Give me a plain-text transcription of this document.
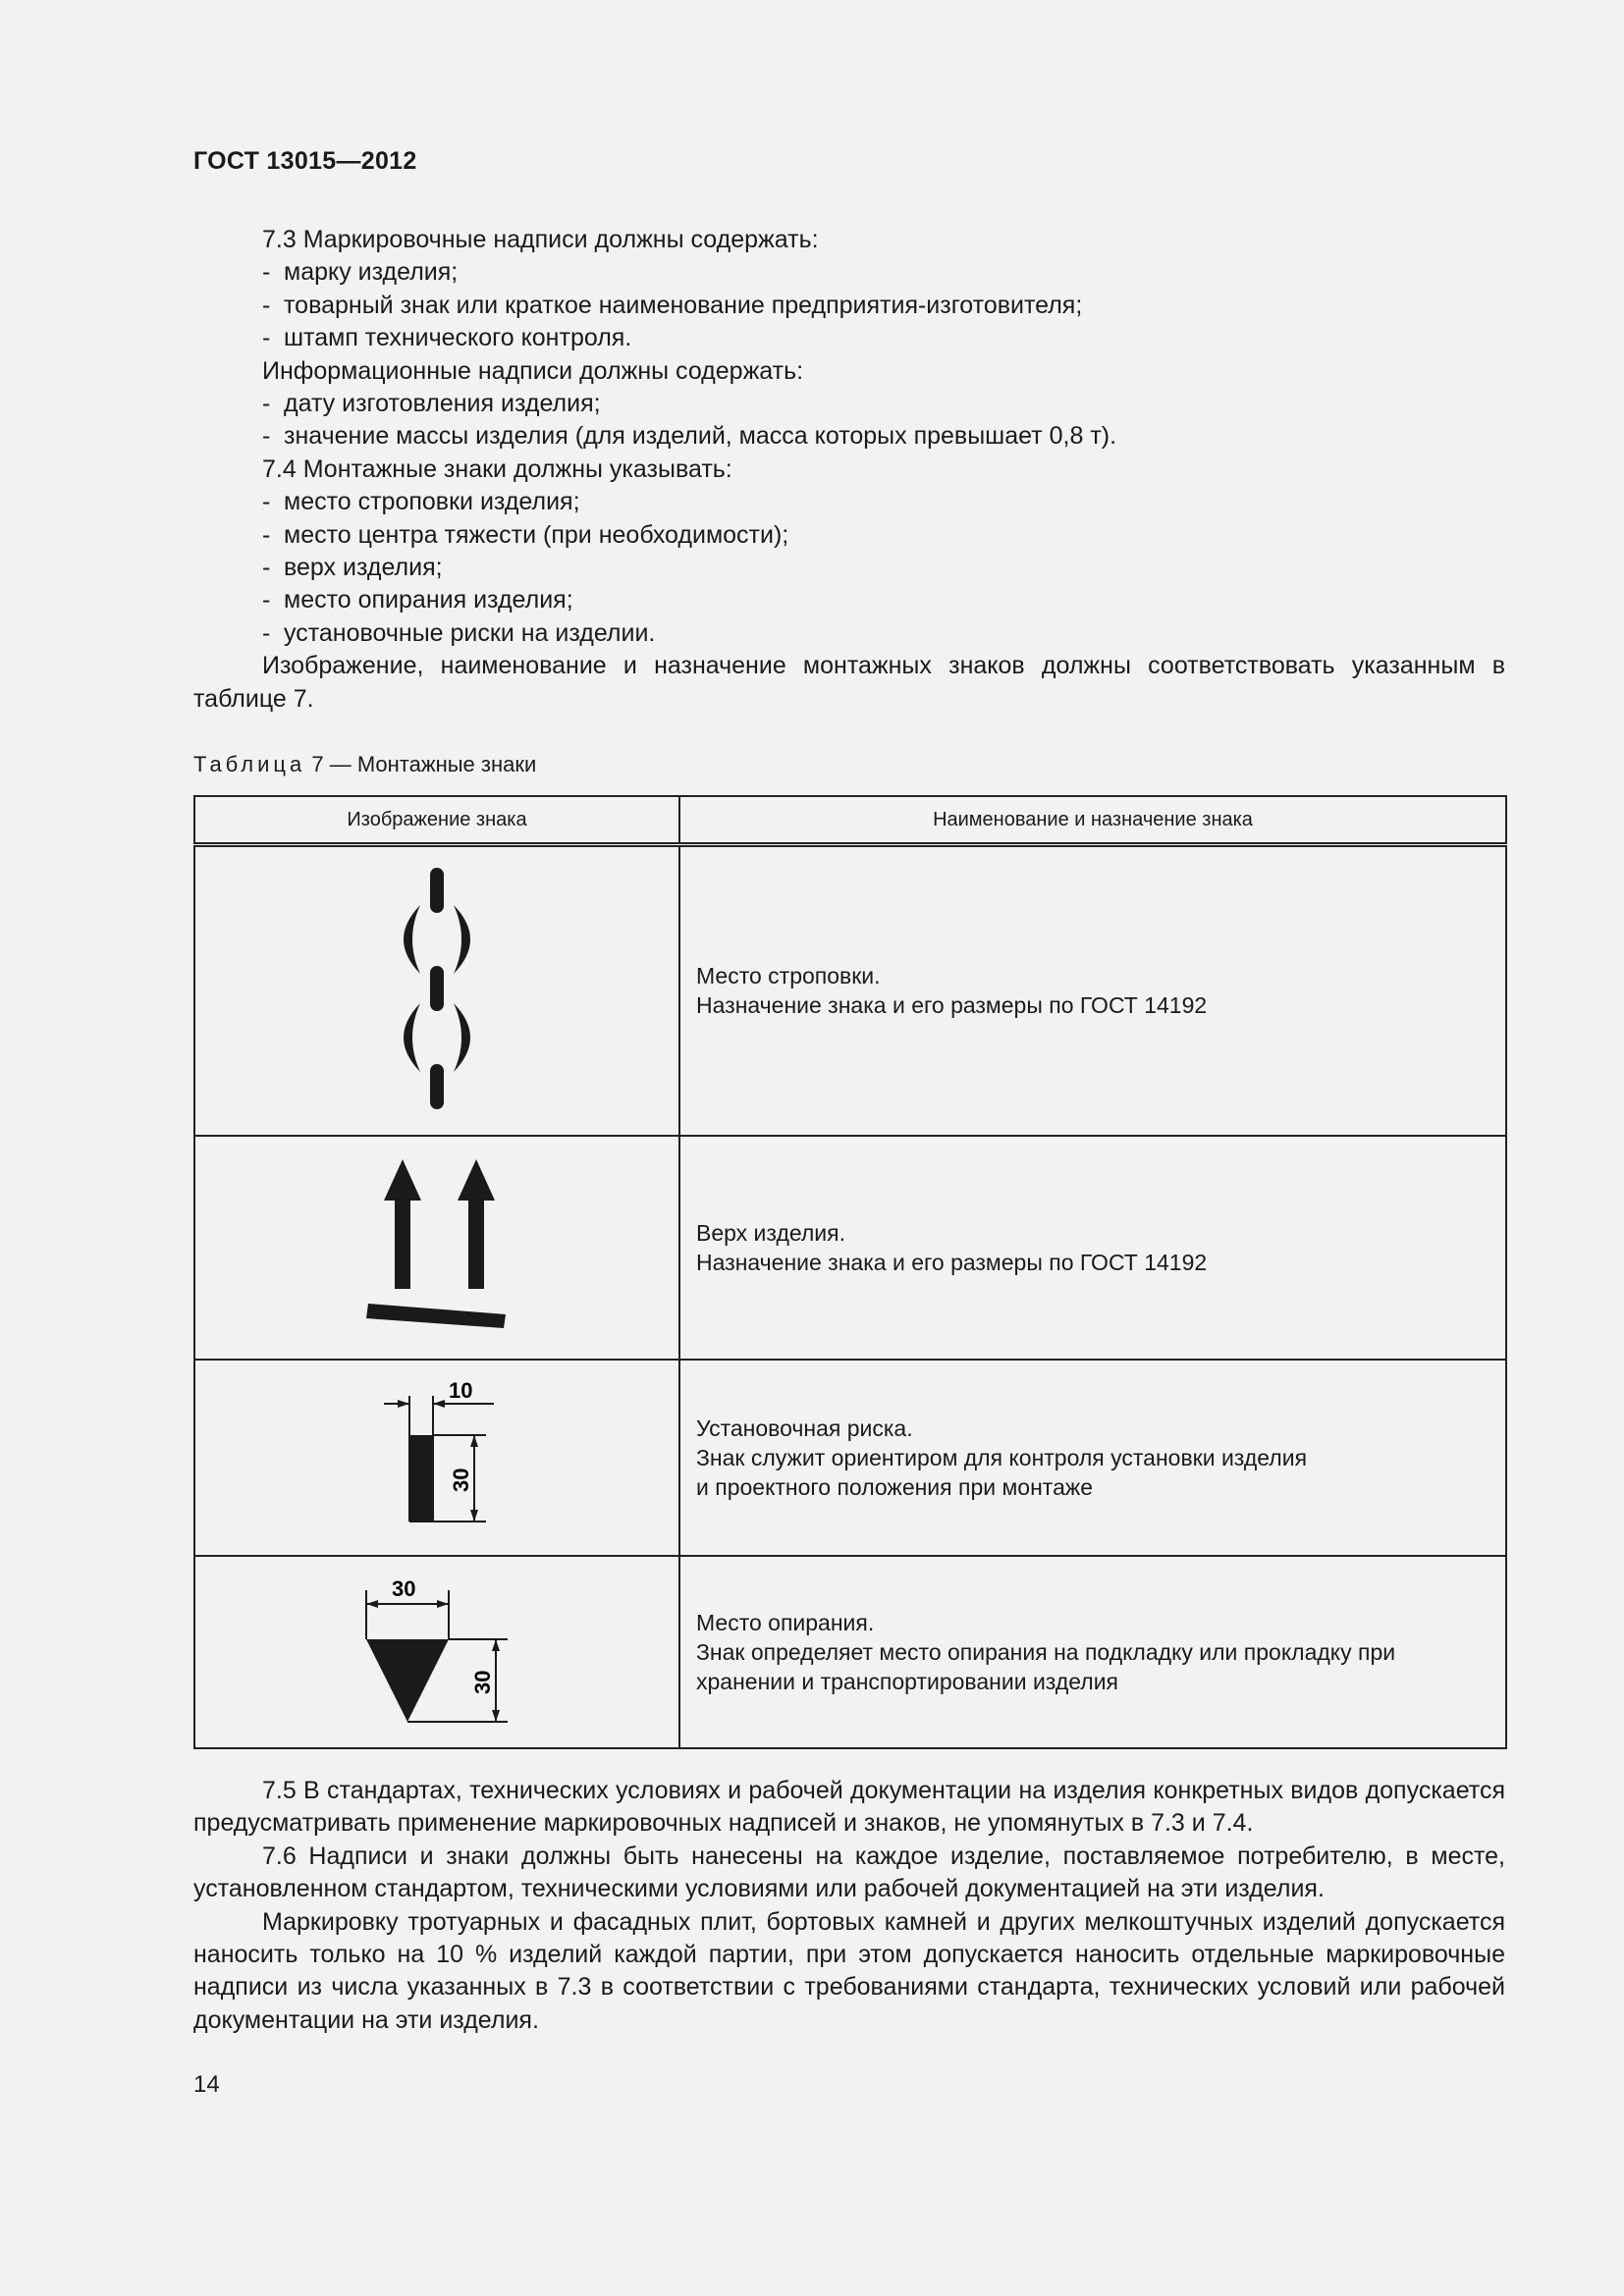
ГОСТ 13015—2012

7.3 Маркировочные надписи должны содержать:

- марку изделия;

- товарный знак или краткое наименование предприятия-изготовителя;

- штамп технического контроля.

Информационные надписи должны содержать:

- дату изготовления изделия;

- значение массы изделия (для изделий, масса которых превышает 0,8 т).

7.4 Монтажные знаки должны указывать:

- место строповки изделия;

- место центра тяжести (при необходимости);

- верх изделия;

- место опирания изделия;

- установочные риски на изделии.

Изображение, наименование и назначение монтажных знаков должны соответствовать указанным в таблице 7.

Таблица 7 — Монтажные знаки
Изображение знака	Наименование и назначение знака

Место строповки.
Назначение знака и его размеры по ГОСТ 14192

Верх изделия.
Назначение знака и его размеры по ГОСТ 14192

10
30	Установочная риска.
Знак служит ориентиром для контроля установки изделия
и проектного положения при монтаже

30
30	Место опирания.
Знак определяет место опирания на подкладку или прокладку при
хранении и транспортировании изделия

7.5 В стандартах, технических условиях и рабочей документации на изделия конкретных видов допускается предусматривать применение маркировочных надписей и знаков, не упомянутых в 7.3 и 7.4.

7.6 Надписи и знаки должны быть нанесены на каждое изделие, поставляемое потребителю, в месте, установленном стандартом, техническими условиями или рабочей документацией на эти изделия.

Маркировку тротуарных и фасадных плит, бортовых камней и других мелкоштучных изделий допускается наносить только на 10 % изделий каждой партии, при этом допускается наносить отдельные маркировочные надписи из числа указанных в 7.3 в соответствии с требованиями стандарта, технических условий или рабочей документации на эти изделия.

14
